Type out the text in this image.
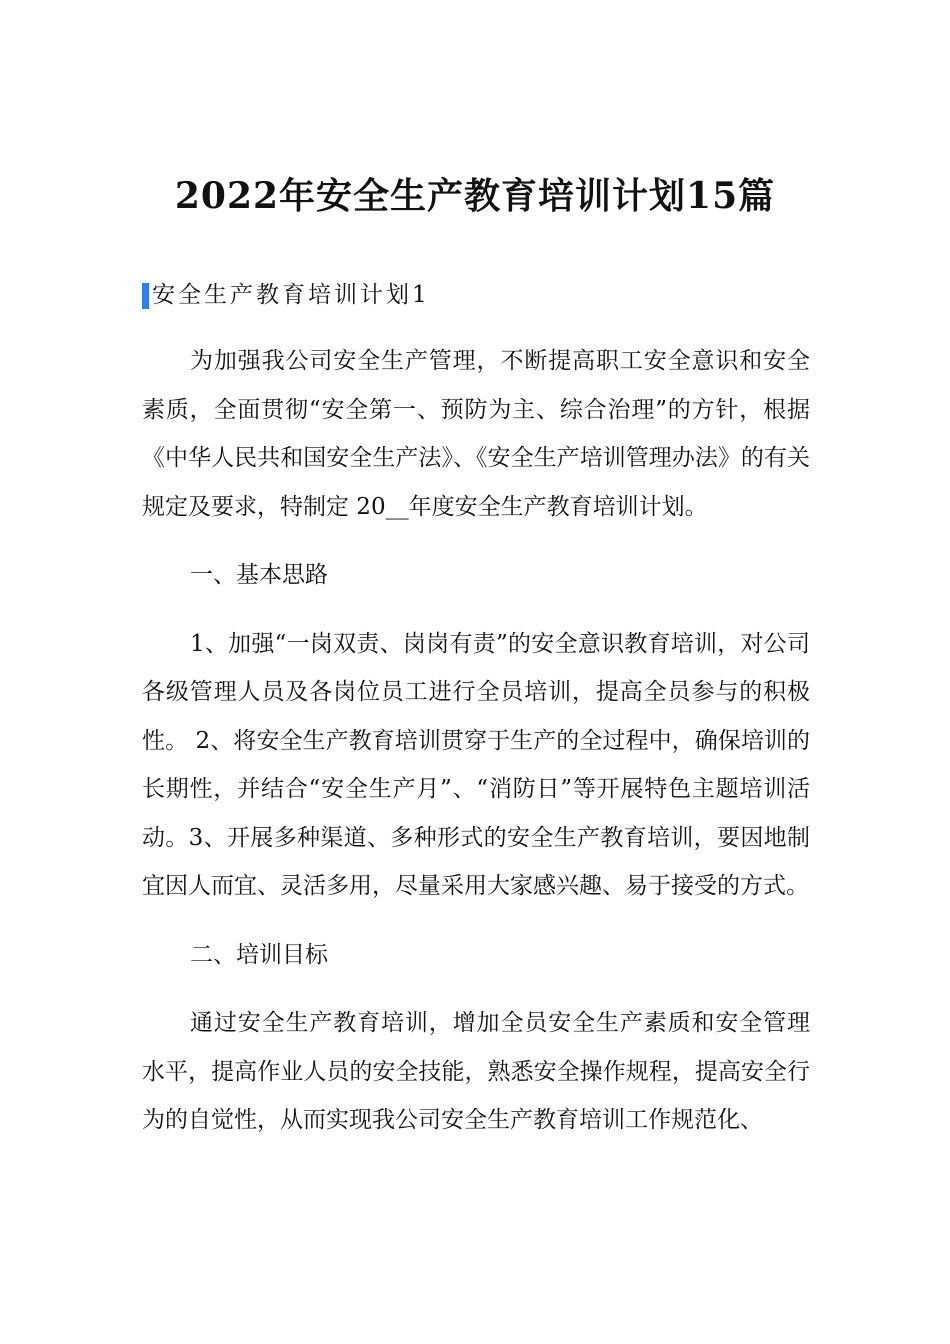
2022年安全生产教育培训计划15篇
安全生产教育培训计划1

为加强我公司安全生产管理，不断提高职工安全意识和安全素质，全面贯彻“安全第一、预防为主、综合治理”的方针，根据《中华人民共和国安全生产法》、《安全生产培训管理办法》的有关规定及要求，特制定 20__年度安全生产教育培训计划。

一、基本思路

1、加强“一岗双责、岗岗有责”的安全意识教育培训，对公司各级管理人员及各岗位员工进行全员培训，提高全员参与的积极性。 2、将安全生产教育培训贯穿于生产的全过程中，确保培训的长期性，并结合“安全生产月”、“消防日”等开展特色主题培训活动。3、开展多种渠道、多种形式的安全生产教育培训，要因地制宜因人而宜、灵活多用，尽量采用大家感兴趣、易于接受的方式。

二、培训目标

通过安全生产教育培训，增加全员安全生产素质和安全管理水平，提高作业人员的安全技能，熟悉安全操作规程，提高安全行为的自觉性，从而实现我公司安全生产教育培训工作规范化、
